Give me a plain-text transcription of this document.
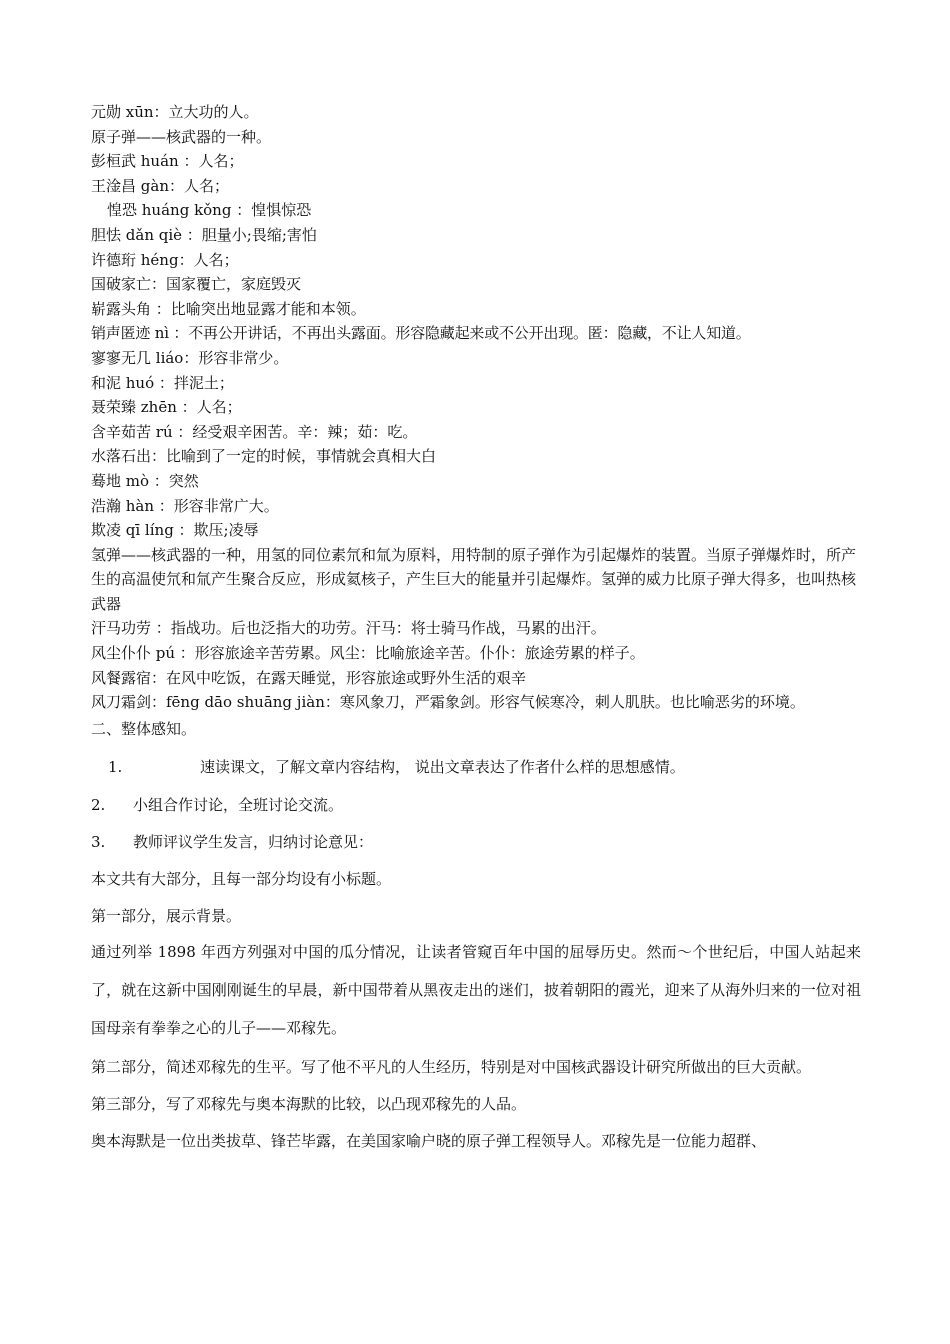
元勋 xūn：立大功的人。
原子弹——核武器的一种。
彭桓武 huán ：人名；
王淦昌 gàn：人名；
惶恐 huáng kǒng ：惶惧惊恐
胆怯 dǎn qiè ：胆量小;畏缩;害怕
许德珩 héng：人名；
国破家亡：国家覆亡，家庭毁灭
崭露头角 ：比喻突出地显露才能和本领。
销声匿迹 nì ：不再公开讲话，不再出头露面。形容隐藏起来或不公开出现。匿：隐藏，不让人知道。
寥寥无几 liáo：形容非常少。
和泥 huó ：拌泥土；
聂荣臻 zhēn ：人名；
含辛茹苦 rú ：经受艰辛困苦。辛：辣；茹：吃。
水落石出：比喻到了一定的时候，事情就会真相大白
蓦地 mò ：突然
浩瀚 hàn ：形容非常广大。
欺凌 qī líng ：欺压;凌辱
氢弹——核武器的一种，用氢的同位素氘和氚为原料，用特制的原子弹作为引起爆炸的装置。当原子弹爆炸时，所产生的高温使氘和氚产生聚合反应，形成氦核子，产生巨大的能量并引起爆炸。氢弹的威力比原子弹大得多，也叫热核武器
汗马功劳 ：指战功。后也泛指大的功劳。汗马：将士骑马作战，马累的出汗。
风尘仆仆 pú ：形容旅途辛苦劳累。风尘：比喻旅途辛苦。仆仆：旅途劳累的样子。
风餐露宿：在风中吃饭，在露天睡觉，形容旅途或野外生活的艰辛
风刀霜剑：fēng dāo shuāng jiàn：寒风象刀，严霜象剑。形容气候寒冷，刺人肌肤。也比喻恶劣的环境。
二、整体感知。
1.	速读课文，了解文章内容结构， 说出文章表达了作者什么样的思想感情。
2. 小组合作讨论，全班讨论交流。
3. 教师评议学生发言，归纳讨论意见：
本文共有大部分，且每一部分均设有小标题。
第一部分，展示背景。
通过列举 1898 年西方列强对中国的瓜分情况，让读者管窥百年中国的屈辱历史。然而～个世纪后，中国人站起来了，就在这新中国刚刚诞生的早晨，新中国带着从黑夜走出的迷们，披着朝阳的霞光，迎来了从海外归来的一位对祖国母亲有拳拳之心的儿子——邓稼先。
第二部分，简述邓稼先的生平。写了他不平凡的人生经历，特别是对中国核武器设计研究所做出的巨大贡献。
第三部分，写了邓稼先与奥本海默的比较，以凸现邓稼先的人品。
奥本海默是一位出类拔草、锋芒毕露，在美国家喻户晓的原子弹工程领导人。邓稼先是一位能力超群、
